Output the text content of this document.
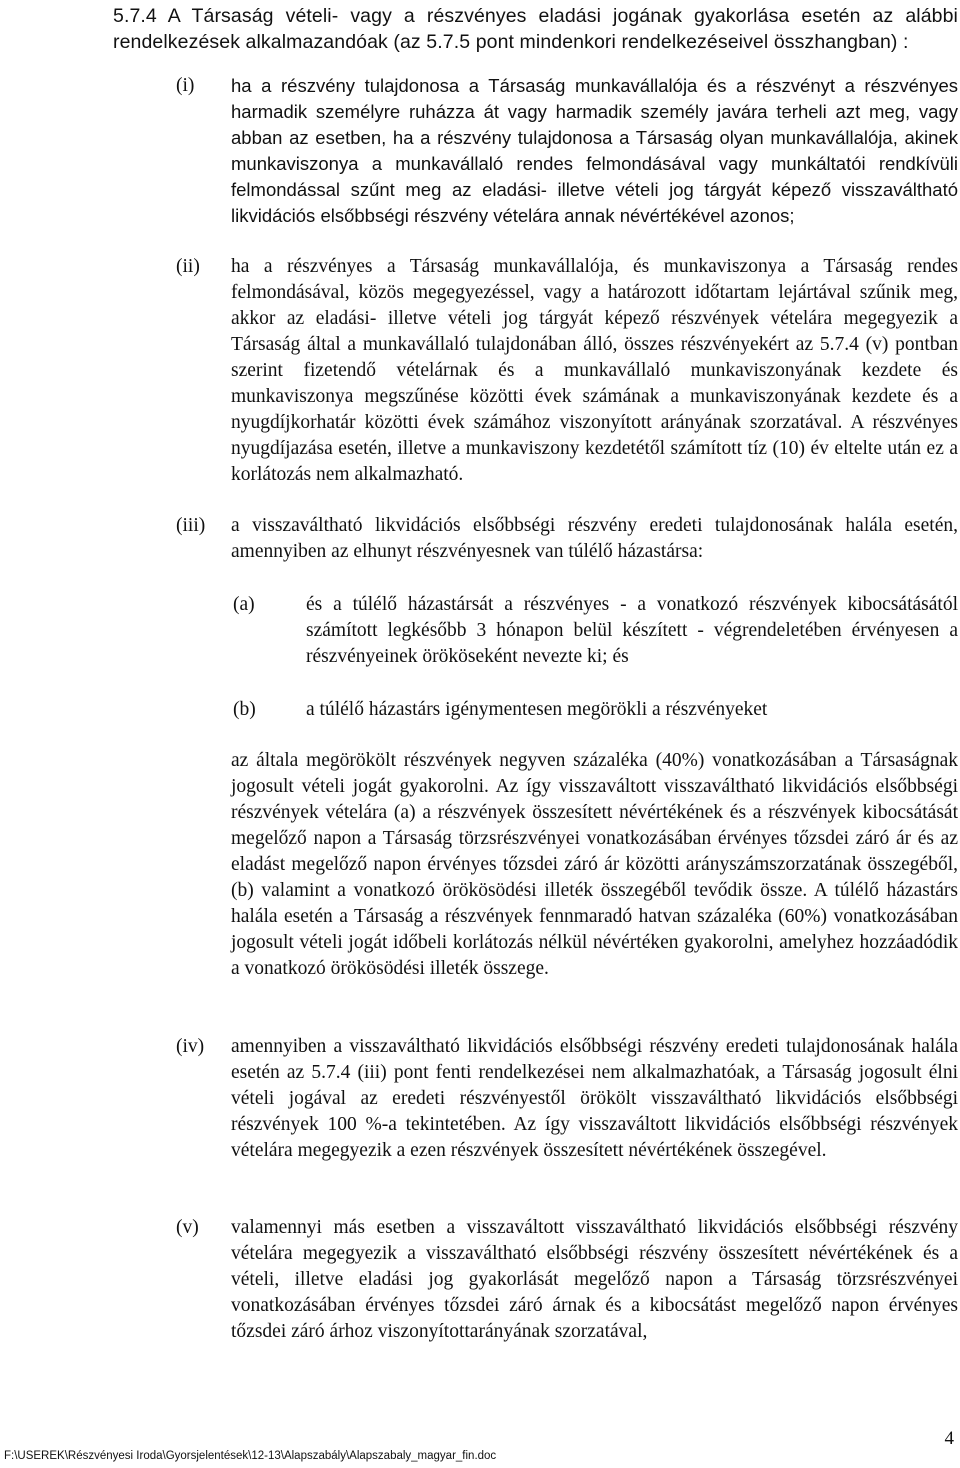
5.7.4 A Társaság vételi- vagy a részvényes eladási jogának gyakorlása esetén az alábbi rendelkezések alkalmazandóak (az 5.7.5 pont mindenkori rendelkezéseivel összhangban) :
(i)	ha a részvény tulajdonosa a Társaság munkavállalója és a részvényt a részvényes harmadik személyre ruházza át vagy harmadik személy javára terheli azt meg, vagy abban az esetben, ha a részvény tulajdonosa a Társaság olyan munkavállalója, akinek munkaviszonya a munkavállaló rendes felmondásával vagy munkáltatói rendkívüli felmondással szűnt meg az eladási- illetve vételi jog tárgyát képező visszaváltható likvidációs elsőbbségi részvény vételára annak névértékével azonos;
(ii)	ha a részvényes a Társaság munkavállalója, és munkaviszonya a Társaság rendes felmondásával, közös megegyezéssel, vagy a határozott időtartam lejártával szűnik meg, akkor az eladási- illetve vételi jog tárgyát képező részvények vételára megegyezik a Társaság által a munkavállaló tulajdonában álló, összes részvényekért az 5.7.4 (v) pontban szerint fizetendő vételárnak és a munkavállaló munkaviszonyának kezdete és munkaviszonya megszűnése közötti évek számának a munkaviszonyának kezdete és a nyugdíjkorhatár közötti évek számához viszonyított arányának szorzatával. A részvényes nyugdíjazása esetén, illetve a munkaviszony kezdetétől számított tíz (10) év eltelte után ez a korlátozás nem alkalmazható.
(iii)	a visszaváltható likvidációs elsőbbségi részvény eredeti tulajdonosának halála esetén, amennyiben az elhunyt részvényesnek van túlélő házastársa:
(a)	és a túlélő házastársát a részvényes - a vonatkozó részvények kibocsátásától számított legkésőbb 3 hónapon belül készített - végrendeletében érvényesen a részvényeinek örököseként nevezte ki; és
(b)	a túlélő házastárs igénymentesen megörökli a részvényeket
az általa megörökölt részvények negyven százaléka (40%) vonatkozásában a Társaságnak jogosult vételi jogát gyakorolni. Az így visszaváltott visszaváltható likvidációs elsőbbségi részvények vételára (a) a részvények összesített névértékének és a részvények kibocsátását megelőző napon a Társaság törzsrészvényei vonatkozásában érvényes tőzsdei záró ár és az eladást megelőző napon érvényes tőzsdei záró ár közötti arányszámszorzatának összegéből, (b) valamint a vonatkozó örökösödési illeték összegéből tevődik össze. A túlélő házastárs halála esetén a Társaság a részvények fennmaradó hatvan százaléka (60%) vonatkozásában jogosult vételi jogát időbeli korlátozás nélkül névértéken gyakorolni, amelyhez hozzáadódik a vonatkozó örökösödési illeték összege.
(iv)	amennyiben a visszaváltható likvidációs elsőbbségi részvény eredeti tulajdonosának halála esetén az 5.7.4 (iii) pont fenti rendelkezései nem alkalmazhatóak, a Társaság jogosult élni vételi jogával az eredeti részvényestől örökölt visszaváltható likvidációs elsőbbségi részvények 100 %-a tekintetében. Az így visszaváltott likvidációs elsőbbségi részvények vételára megegyezik a ezen részvények összesített névértékének összegével.
(v)	valamennyi más esetben a visszaváltott visszaváltható likvidációs elsőbbségi részvény vételára megegyezik a visszaváltható elsőbbségi részvény összesített névértékének és a vételi, illetve eladási jog gyakorlását megelőző napon a Társaság törzsrészvényei vonatkozásában érvényes tőzsdei záró árnak és a kibocsátást megelőző napon érvényes tőzsdei záró árhoz viszonyítottarányának szorzatával,
4
F:\USEREK\Részvényesi Iroda\Gyorsjelentések\12-13\Alapszabály\Alapszabaly_magyar_fin.doc
